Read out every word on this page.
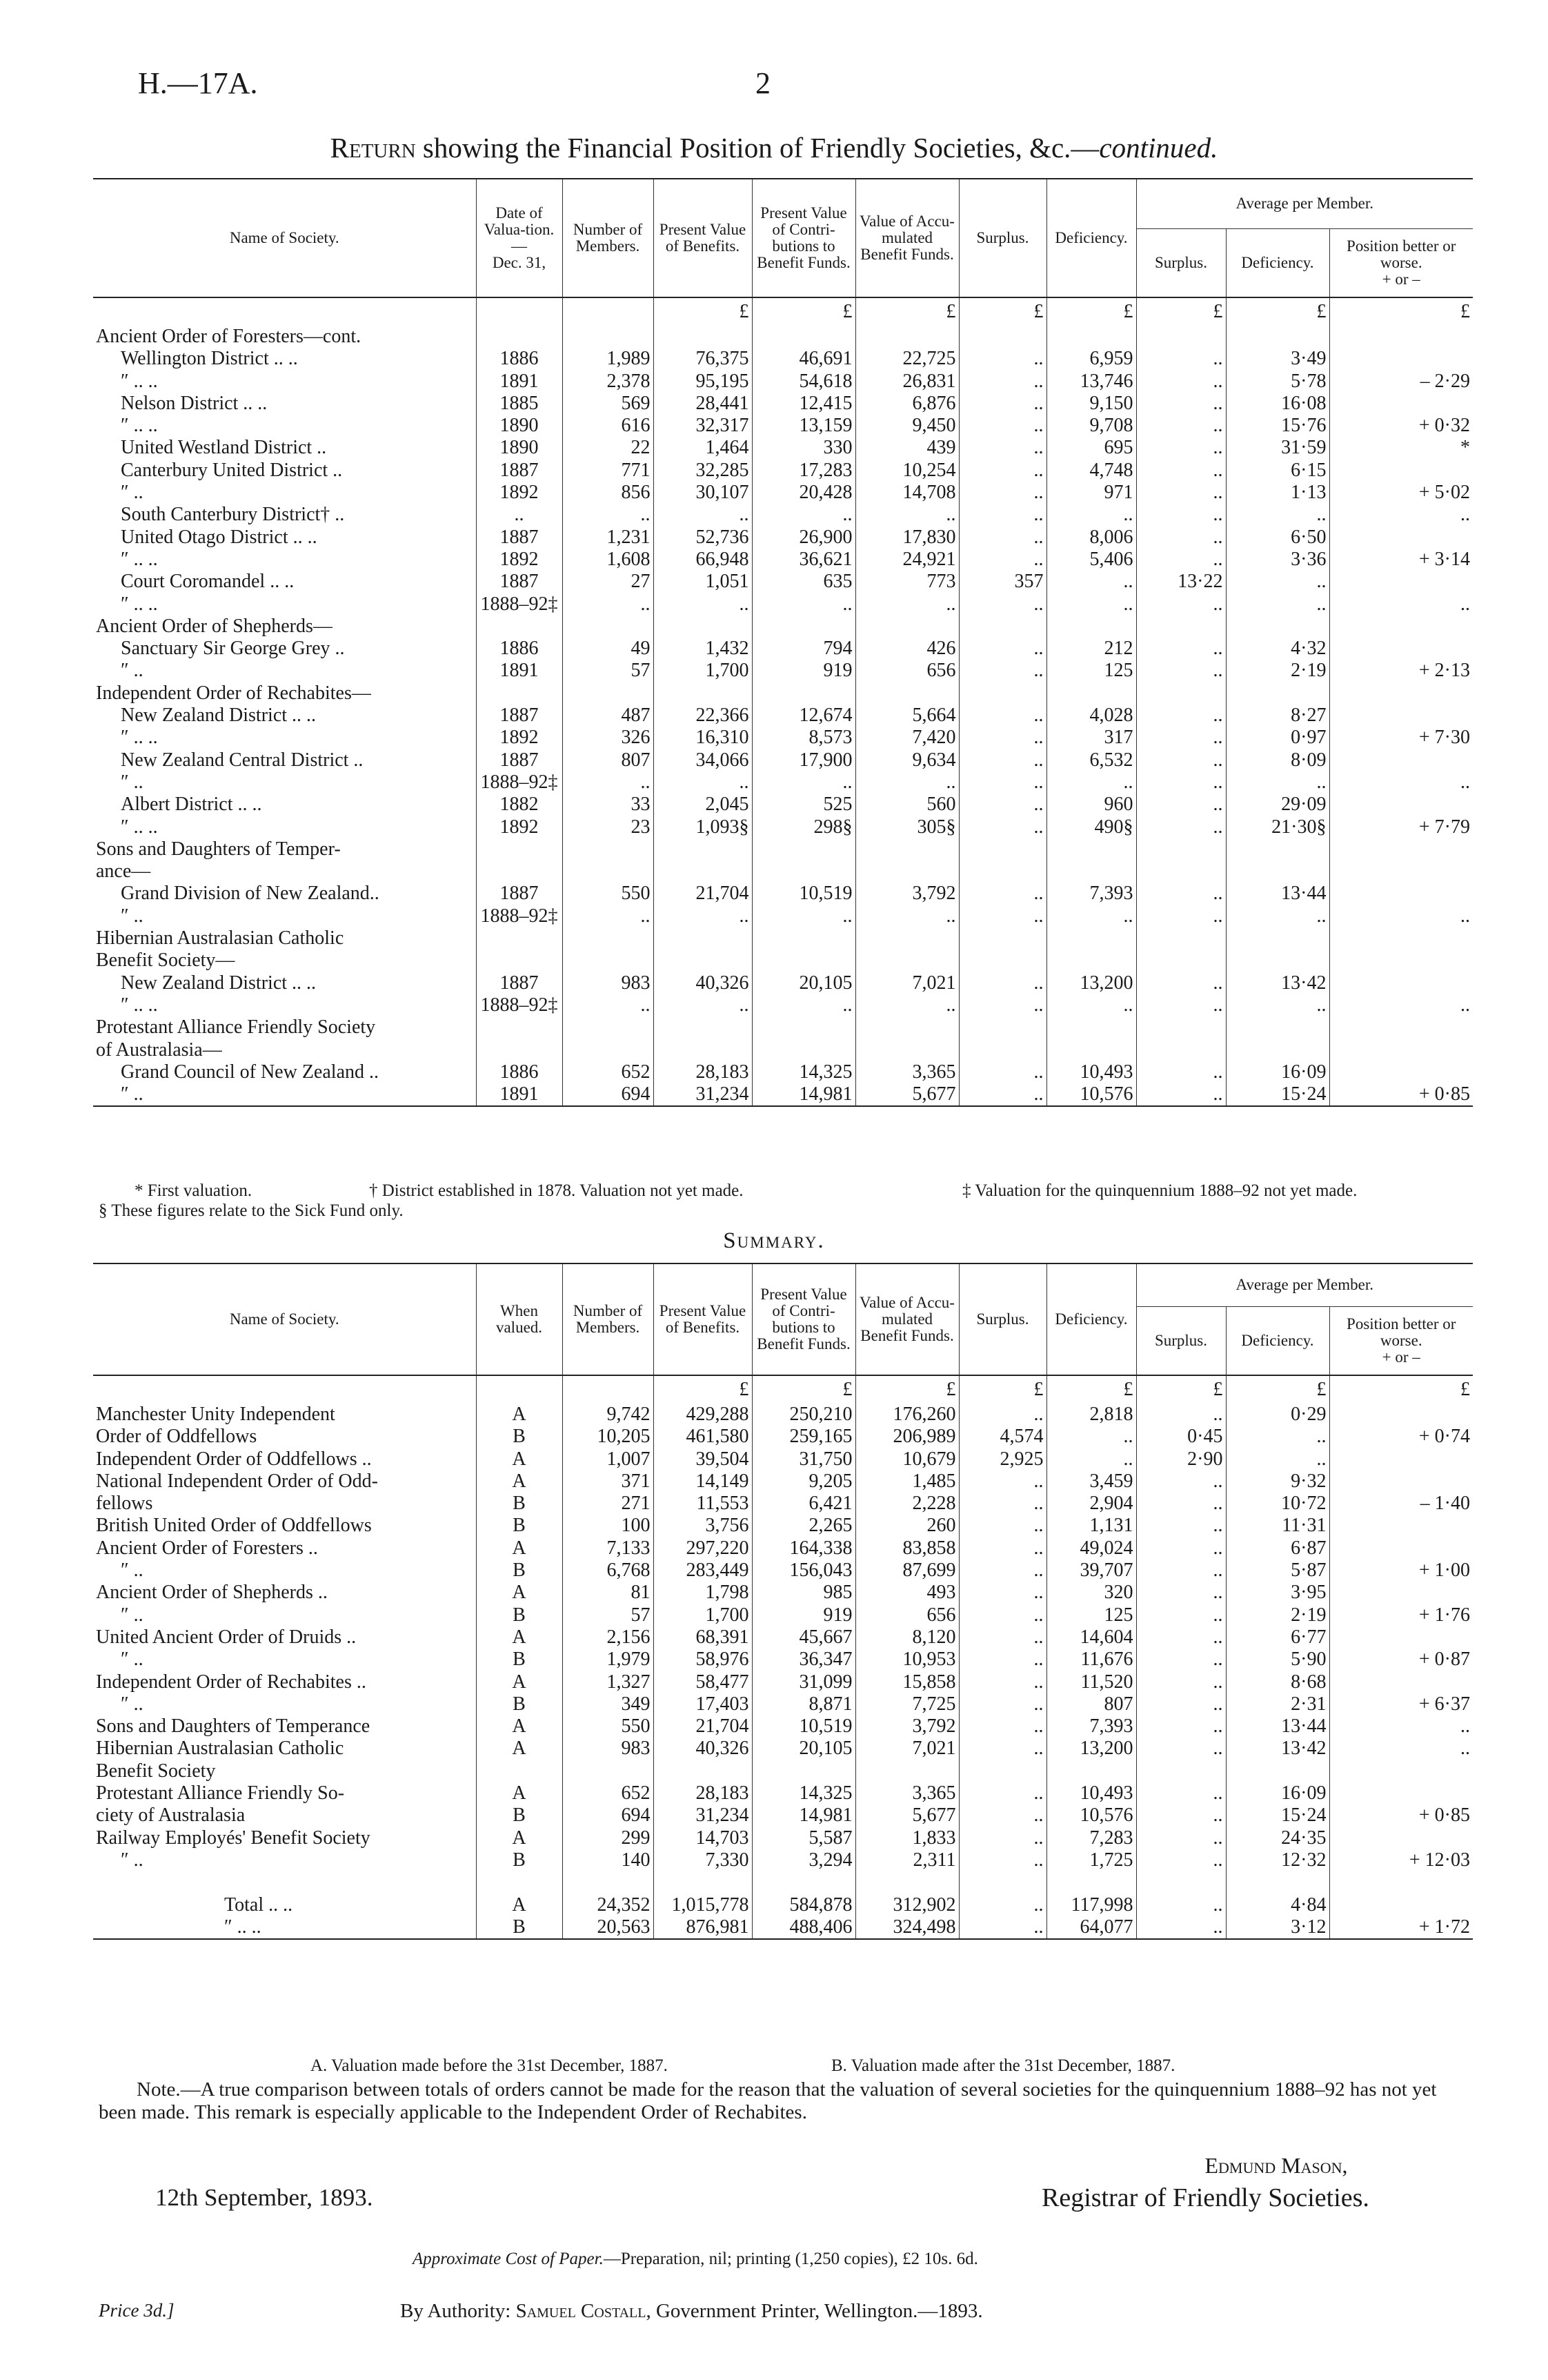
H.—17A.	2
Return showing the Financial Position of Friendly Societies, &c.—continued.
Name of Society.	Date of Valua-tion.
—
Dec. 31,	Number of Members.	Present Value of Benefits.	Present Value of Contri-butions to Benefit Funds.	Value of Accu-mulated Benefit Funds.	Surplus.	Deficiency.	Average per Member.		
								Surplus.	Deficiency.	Position better or worse.
+ or –
			£	£	£	£	£	£	£	£
Ancient Order of Foresters—cont.										
Wellington District .. ..	1886	1,989	76,375	46,691	22,725	..	6,959	..	3·49	
″ .. ..	1891	2,378	95,195	54,618	26,831	..	13,746	..	5·78	– 2·29
Nelson District .. ..	1885	569	28,441	12,415	6,876	..	9,150	..	16·08	
″ .. ..	1890	616	32,317	13,159	9,450	..	9,708	..	15·76	+ 0·32
United Westland District ..	1890	22	1,464	330	439	..	695	..	31·59	*
Canterbury United District ..	1887	771	32,285	17,283	10,254	..	4,748	..	6·15	
″ ..	1892	856	30,107	20,428	14,708	..	971	..	1·13	+ 5·02
South Canterbury District† ..	..	..	..	..	..	..	..	..	..	..
United Otago District .. ..	1887	1,231	52,736	26,900	17,830	..	8,006	..	6·50	
″ .. ..	1892	1,608	66,948	36,621	24,921	..	5,406	..	3·36	+ 3·14
Court Coromandel .. ..	1887	27	1,051	635	773	357	..	13·22	..	
″ .. ..	1888–92‡	..	..	..	..	..	..	..	..	..
Ancient Order of Shepherds—										
Sanctuary Sir George Grey ..	1886	49	1,432	794	426	..	212	..	4·32	
″ ..	1891	57	1,700	919	656	..	125	..	2·19	+ 2·13
Independent Order of Rechabites—										
New Zealand District .. ..	1887	487	22,366	12,674	5,664	..	4,028	..	8·27	
″ .. ..	1892	326	16,310	8,573	7,420	..	317	..	0·97	+ 7·30
New Zealand Central District ..	1887	807	34,066	17,900	9,634	..	6,532	..	8·09	
″ ..	1888–92‡	..	..	..	..	..	..	..	..	..
Albert District .. ..	1882	33	2,045	525	560	..	960	..	29·09	
″ .. ..	1892	23	1,093§	298§	305§	..	490§	..	21·30§	+ 7·79
Sons and Daughters of Temper-										
ance—										
Grand Division of New Zealand..	1887	550	21,704	10,519	3,792	..	7,393	..	13·44	
″ ..	1888–92‡	..	..	..	..	..	..	..	..	..
Hibernian Australasian Catholic										
Benefit Society—										
New Zealand District .. ..	1887	983	40,326	20,105	7,021	..	13,200	..	13·42	
″ .. ..	1888–92‡	..	..	..	..	..	..	..	..	..
Protestant Alliance Friendly Society										
of Australasia—										
Grand Council of New Zealand ..	1886	652	28,183	14,325	3,365	..	10,493	..	16·09	
″ ..	1891	694	31,234	14,981	5,677	..	10,576	..	15·24	+ 0·85
* First valuation.	† District established in 1878. Valuation not yet made.	‡ Valuation for the quinquennium 1888–92 not yet made.
§ These figures relate to the Sick Fund only.
Summary.
Name of Society.	When valued.	Number of Members.	Present Value of Benefits.	Present Value of Contri-butions to Benefit Funds.	Value of Accu-mulated Benefit Funds.	Surplus.	Deficiency.	Average per Member.		
								Surplus.	Deficiency.	Position better or worse.
+ or –
			£	£	£	£	£	£	£	£
Manchester Unity Independent	A	9,742	429,288	250,210	176,260	..	2,818	..	0·29	
Order of Oddfellows	B	10,205	461,580	259,165	206,989	4,574	..	0·45	..	+ 0·74
Independent Order of Oddfellows ..	A	1,007	39,504	31,750	10,679	2,925	..	2·90	..	
National Independent Order of Odd-	A	371	14,149	9,205	1,485	..	3,459	..	9·32	
fellows	B	271	11,553	6,421	2,228	..	2,904	..	10·72	– 1·40
British United Order of Oddfellows	B	100	3,756	2,265	260	..	1,131	..	11·31	
Ancient Order of Foresters ..	A	7,133	297,220	164,338	83,858	..	49,024	..	6·87	
″ ..	B	6,768	283,449	156,043	87,699	..	39,707	..	5·87	+ 1·00
Ancient Order of Shepherds ..	A	81	1,798	985	493	..	320	..	3·95	
″ ..	B	57	1,700	919	656	..	125	..	2·19	+ 1·76
United Ancient Order of Druids ..	A	2,156	68,391	45,667	8,120	..	14,604	..	6·77	
″ ..	B	1,979	58,976	36,347	10,953	..	11,676	..	5·90	+ 0·87
Independent Order of Rechabites ..	A	1,327	58,477	31,099	15,858	..	11,520	..	8·68	
″ ..	B	349	17,403	8,871	7,725	..	807	..	2·31	+ 6·37
Sons and Daughters of Temperance	A	550	21,704	10,519	3,792	..	7,393	..	13·44	..
Hibernian Australasian Catholic	A	983	40,326	20,105	7,021	..	13,200	..	13·42	..
Benefit Society										
Protestant Alliance Friendly So-	A	652	28,183	14,325	3,365	..	10,493	..	16·09	
ciety of Australasia	B	694	31,234	14,981	5,677	..	10,576	..	15·24	+ 0·85
Railway Employés' Benefit Society	A	299	14,703	5,587	1,833	..	7,283	..	24·35	
″ ..	B	140	7,330	3,294	2,311	..	1,725	..	12·32	+ 12·03

Total .. ..	A	24,352	1,015,778	584,878	312,902	..	117,998	..	4·84	
″ .. ..	B	20,563	876,981	488,406	324,498	..	64,077	..	3·12	+ 1·72
A. Valuation made before the 31st December, 1887.	B. Valuation made after the 31st December, 1887.
Note.—A true comparison between totals of orders cannot be made for the reason that the valuation of several societies for the quinquennium 1888–92 has not yet been made. This remark is especially applicable to the Independent Order of Rechabites.
Edmund Mason,
12th September, 1893.	Registrar of Friendly Societies.
Approximate Cost of Paper.—Preparation, nil; printing (1,250 copies), £2 10s. 6d.
Price 3d.]	By Authority: Samuel Costall, Government Printer, Wellington.—1893.
